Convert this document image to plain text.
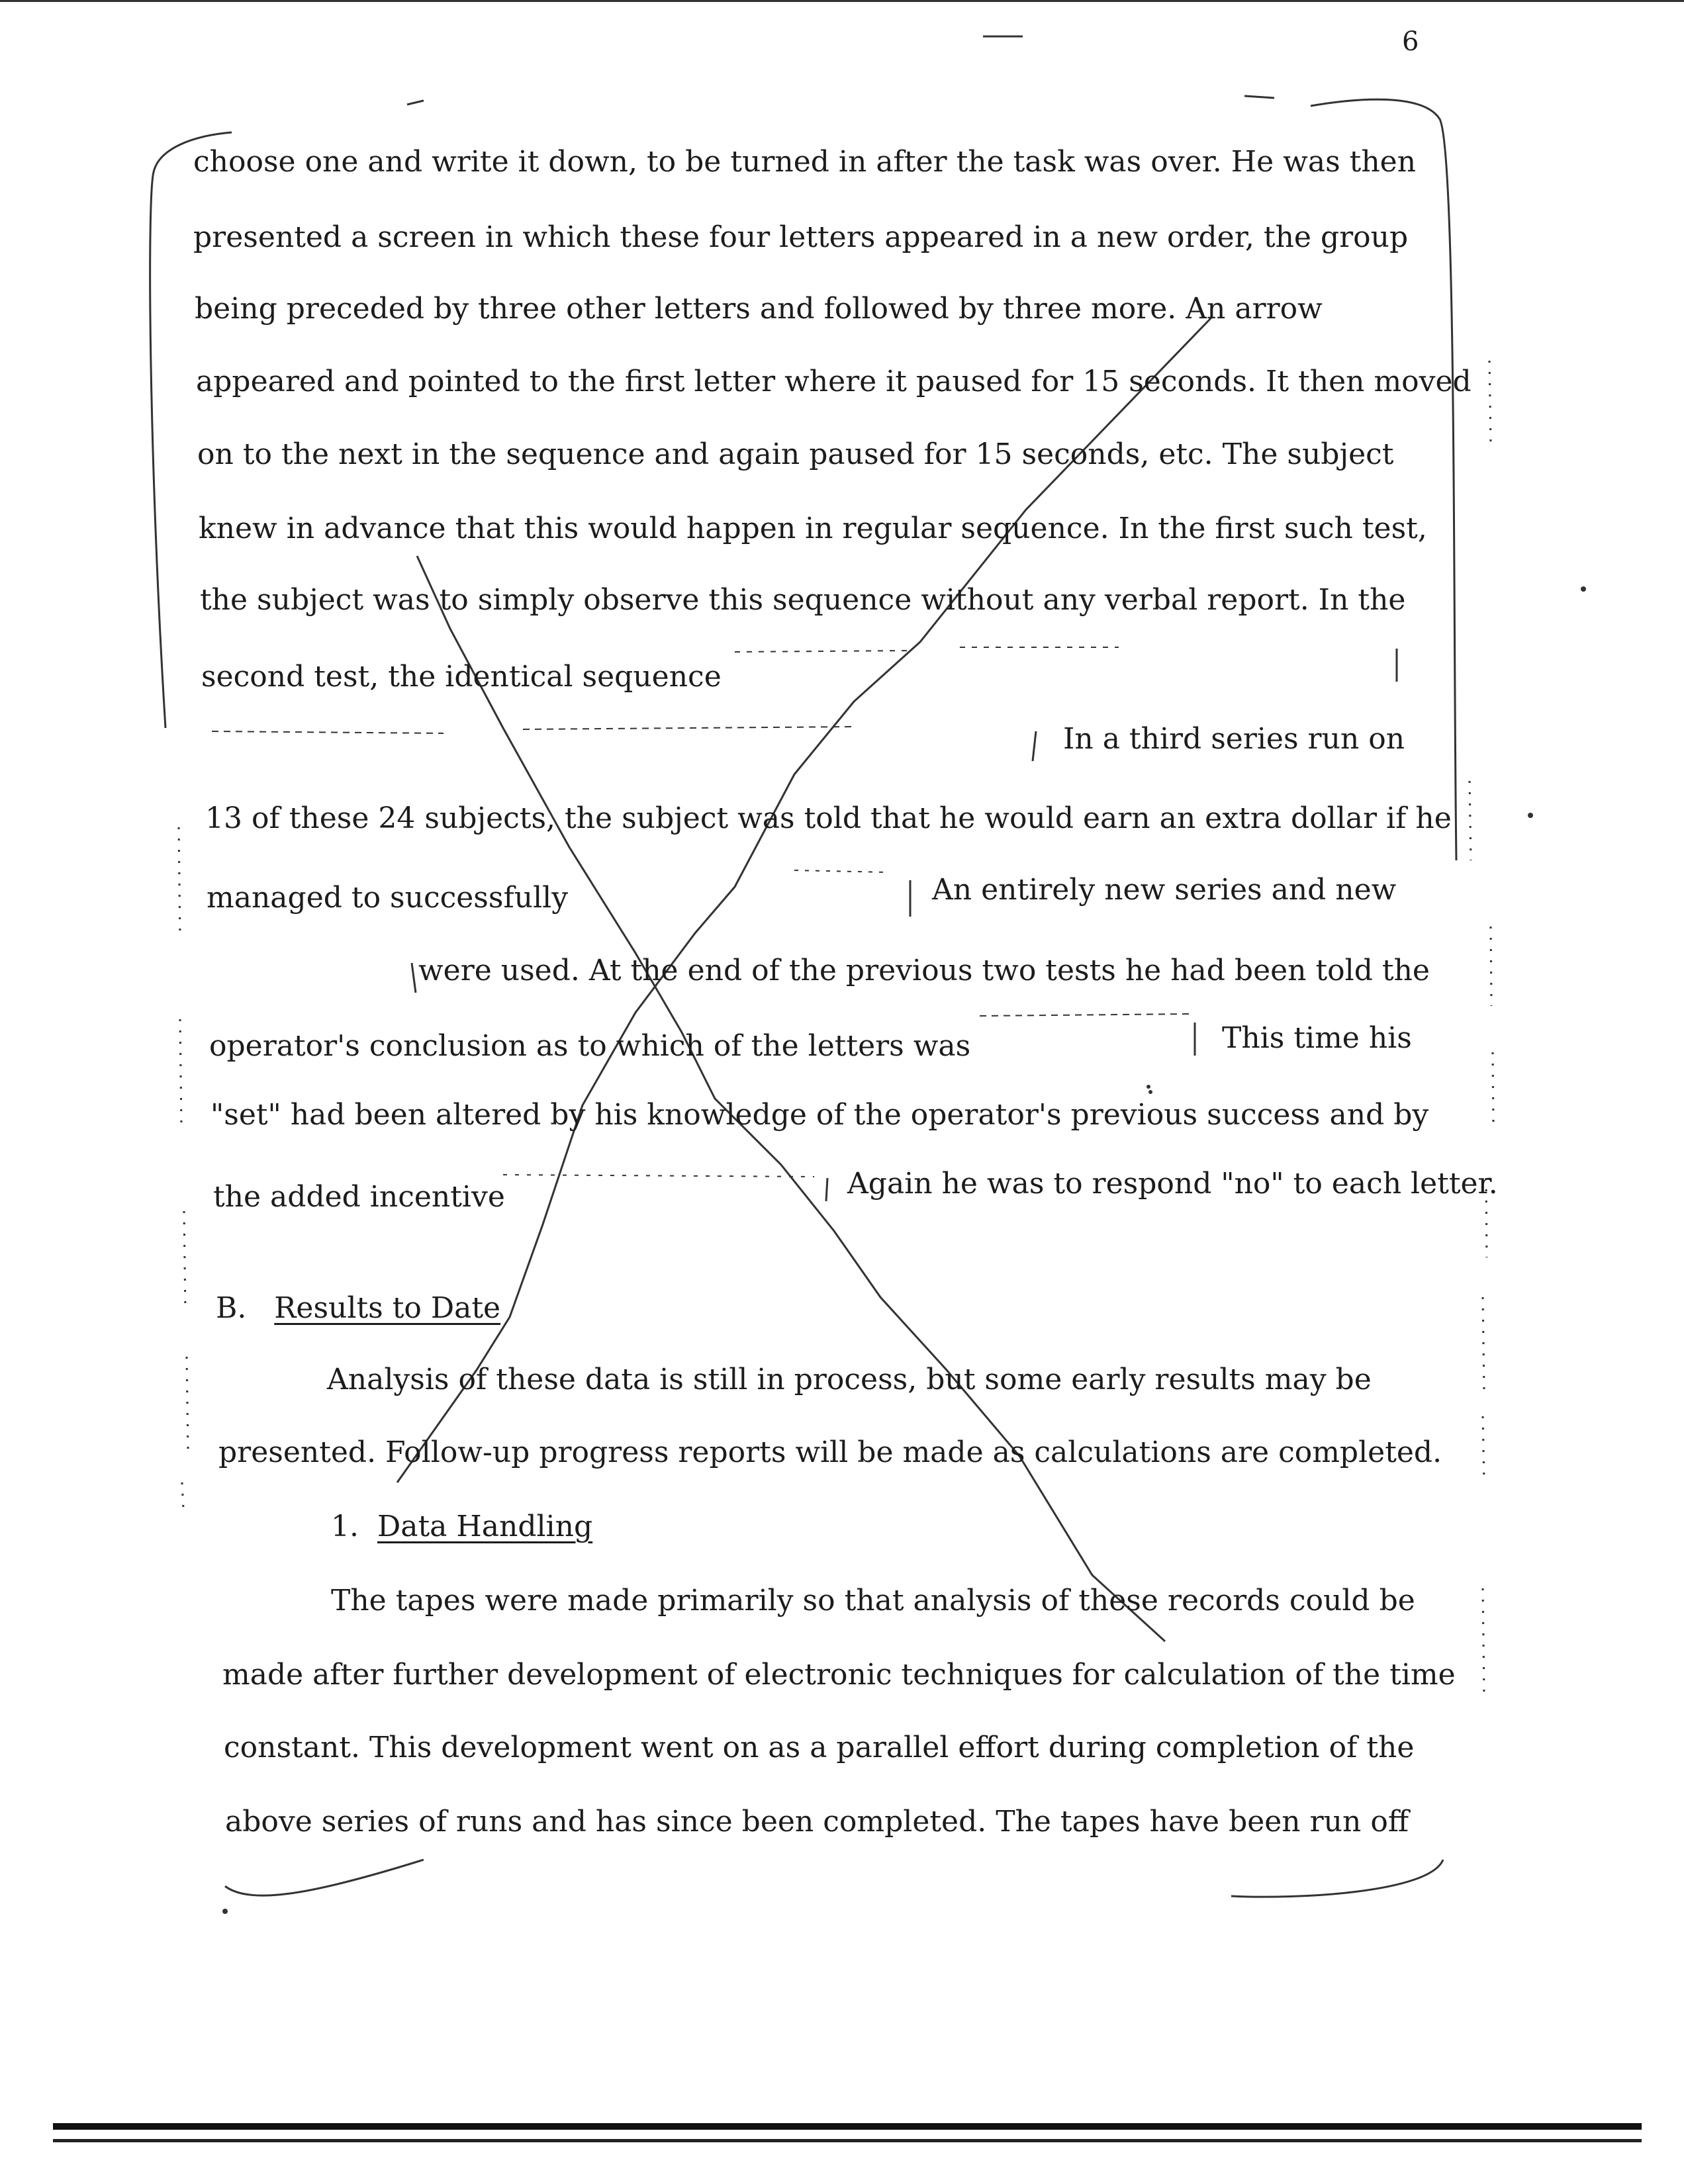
6
choose one and write it down, to be turned in after the task was over. He was then
presented a screen in which these four letters appeared in a new order, the group
being preceded by three other letters and followed by three more. An arrow
appeared and pointed to the first letter where it paused for 15 seconds. It then moved
on to the next in the sequence and again paused for 15 seconds, etc. The subject
knew in advance that this would happen in regular sequence. In the first such test,
the subject was to simply observe this sequence without any verbal report. In the
second test, the identical sequence
In a third series run on
13 of these 24 subjects, the subject was told that he would earn an extra dollar if he
managed to successfully	An entirely new series and new
were used. At the end of the previous two tests he had been told the
operator's conclusion as to which of the letters was	This time his
"set" had been altered by his knowledge of the operator's previous success and by
the added incentive	Again he was to respond "no" to each letter.
B. Results to Date
Analysis of these data is still in process, but some early results may be
presented. Follow-up progress reports will be made as calculations are completed.
1. Data Handling
The tapes were made primarily so that analysis of these records could be
made after further development of electronic techniques for calculation of the time
constant. This development went on as a parallel effort during completion of the
above series of runs and has since been completed. The tapes have been run off
